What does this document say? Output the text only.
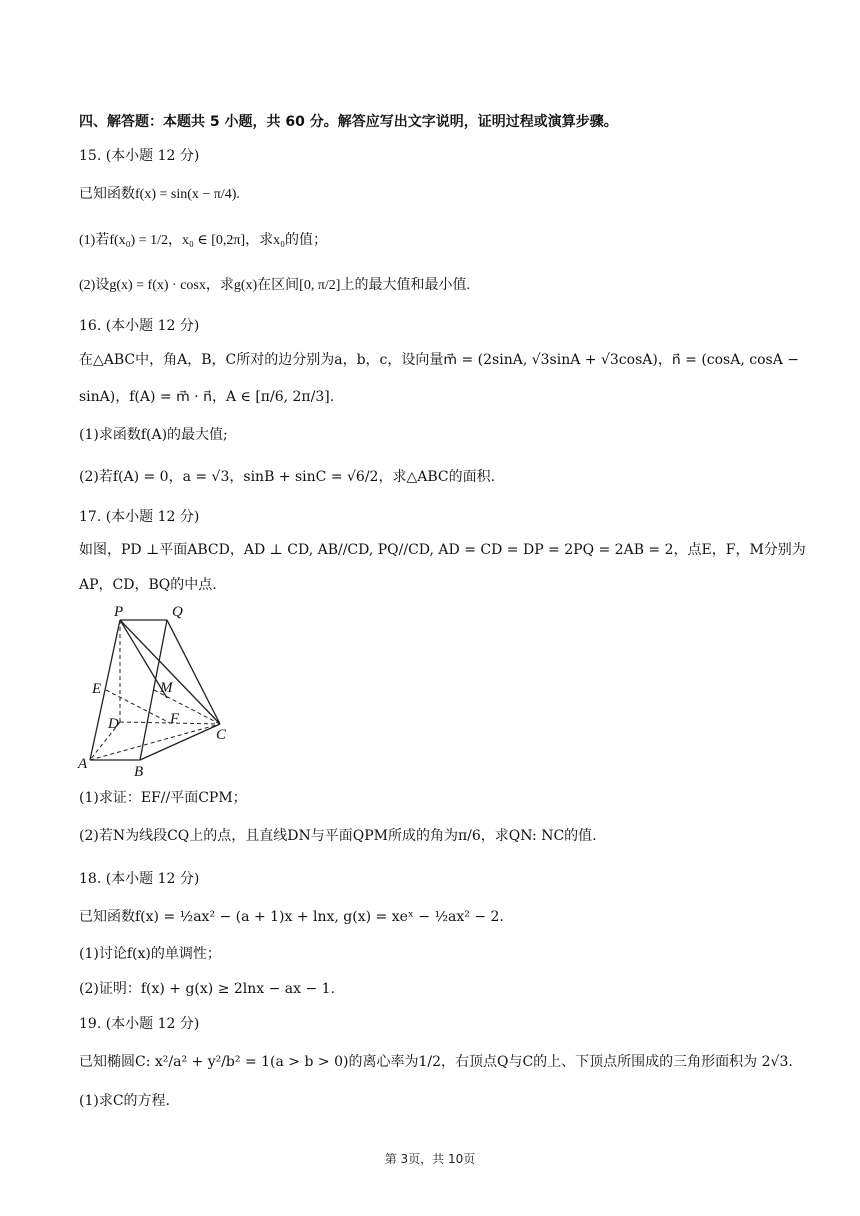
四、解答题：本题共 5 小题，共 60 分。解答应写出文字说明，证明过程或演算步骤。
15. (本小题 12 分)
已知函数f(x) = sin(x − π/4).
(1)若f(x₀) = 1/2，x₀ ∈ [0,2π]，求x₀的值；
(2)设g(x) = f(x) · cosx，求g(x)在区间[0, π/2]上的最大值和最小值.
16. (本小题 12 分)
在△ABC中，角A，B，C所对的边分别为a，b，c，设向量m⃗ = (2sinA, √3sinA + √3cosA)，n⃗ = (cosA, cosA −
sinA)，f(A) = m⃗ · n⃗，A ∈ [π/6, 2π/3].
(1)求函数f(A)的最大值;
(2)若f(A) = 0，a = √3，sinB + sinC = √6/2，求△ABC的面积.
17. (本小题 12 分)
如图，PD ⊥平面ABCD，AD ⊥ CD, AB//CD, PQ//CD, AD = CD = DP = 2PQ = 2AB = 2，点E，F，M分别为
AP，CD，BQ的中点.
P	Q
E	M
D	F
C
A	B
(1)求证：EF//平面CPM；
(2)若N为线段CQ上的点，且直线DN与平面QPM所成的角为π/6，求QN: NC的值.
18. (本小题 12 分)
已知函数f(x) = ½ax² − (a + 1)x + lnx, g(x) = xeˣ − ½ax² − 2.
(1)讨论f(x)的单调性；
(2)证明：f(x) + g(x) ≥ 2lnx − ax − 1.
19. (本小题 12 分)
已知椭圆C: x²/a² + y²/b² = 1(a > b > 0)的离心率为1/2，右顶点Q与C的上、下顶点所围成的三角形面积为 2√3.
(1)求C的方程.
第 3页，共 10页
